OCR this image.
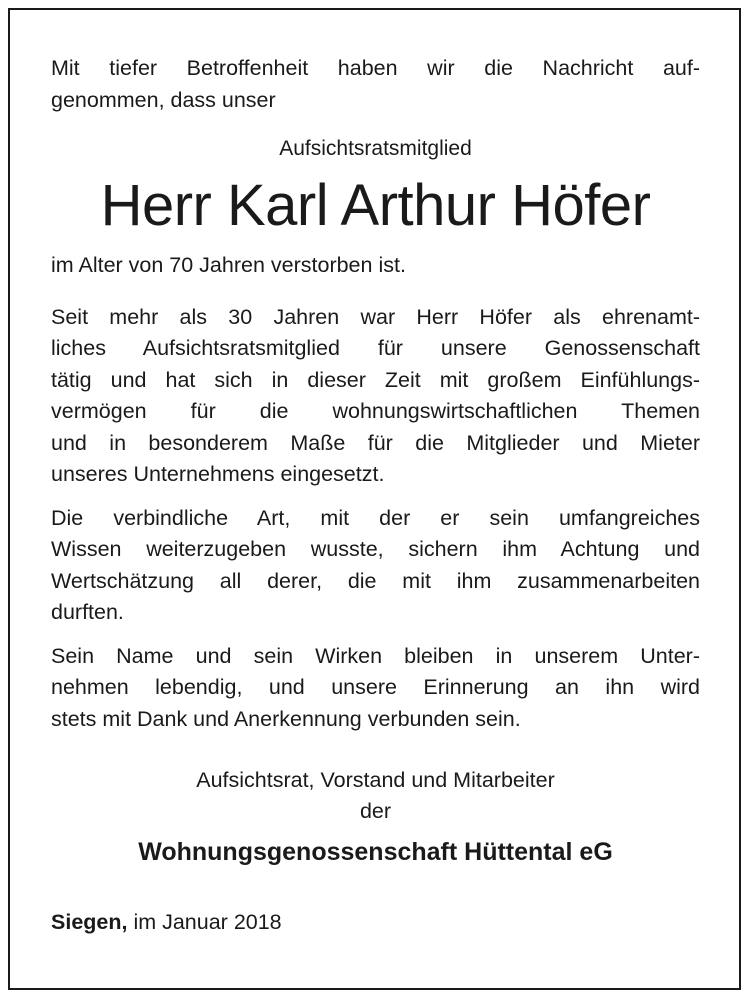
Mit tiefer Betroffenheit haben wir die Nachricht auf-
genommen, dass unser

Aufsichtsratsmitglied
Herr Karl Arthur Höfer

im Alter von 70 Jahren verstorben ist.

Seit mehr als 30 Jahren war Herr Höfer als ehrenamt-
liches Aufsichtsratsmitglied für unsere Genossenschaft
tätig und hat sich in dieser Zeit mit großem Einfühlungs-
vermögen für die wohnungswirtschaftlichen Themen
und in besonderem Maße für die Mitglieder und Mieter
unseres Unternehmens eingesetzt.

Die verbindliche Art, mit der er sein umfangreiches
Wissen weiterzugeben wusste, sichern ihm Achtung und
Wertschätzung all derer, die mit ihm zusammenarbeiten
durften.

Sein Name und sein Wirken bleiben in unserem Unter-
nehmen lebendig, und unsere Erinnerung an ihn wird
stets mit Dank und Anerkennung verbunden sein.

Aufsichtsrat, Vorstand und Mitarbeiter
der
Wohnungsgenossenschaft Hüttental eG
Siegen, im Januar 2018
